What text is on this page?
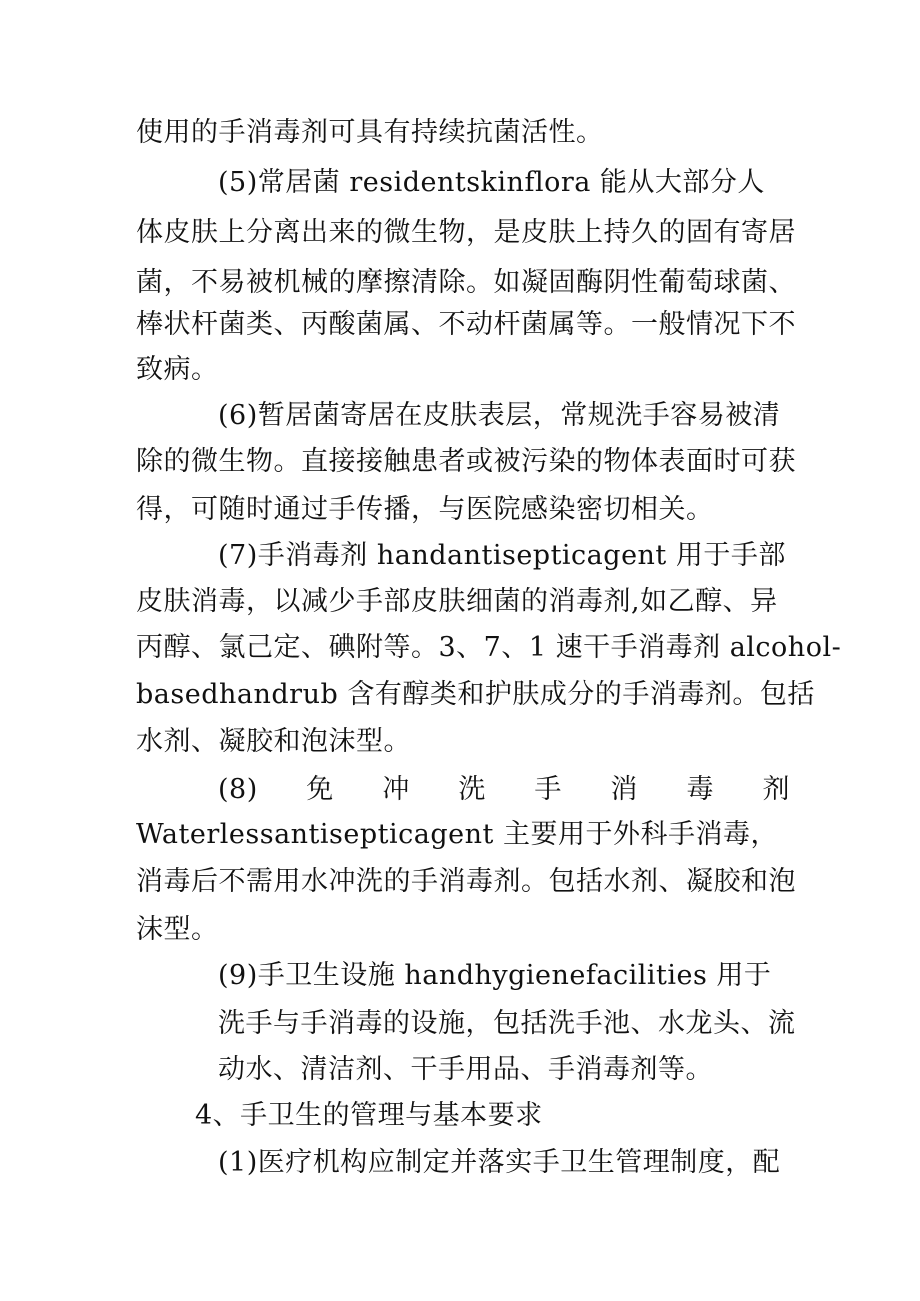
使用的手消毒剂可具有持续抗菌活性。
(5)常居菌 residentskinflora 能从大部分人
体皮肤上分离出来的微生物，是皮肤上持久的固有寄居
菌，不易被机械的摩擦清除。如凝固酶阴性葡萄球菌、
棒状杆菌类、丙酸菌属、不动杆菌属等。一般情况下不
致病。
(6)暂居菌寄居在皮肤表层，常规洗手容易被清
除的微生物。直接接触患者或被污染的物体表面时可获
得，可随时通过手传播，与医院感染密切相关。
(7)手消毒剂 handantisepticagent 用于手部
皮肤消毒，以减少手部皮肤细菌的消毒剂,如乙醇、异
丙醇、氯己定、碘附等。3、7、1 速干手消毒剂 alcohol-
basedhandrub 含有醇类和护肤成分的手消毒剂。包括
水剂、凝胶和泡沫型。
(8) 免 冲 洗 手 消 毒 剂
Waterlessantisepticagent 主要用于外科手消毒，
消毒后不需用水冲洗的手消毒剂。包括水剂、凝胶和泡
沫型。
(9)手卫生设施 handhygienefacilities 用于
洗手与手消毒的设施，包括洗手池、水龙头、流
动水、清洁剂、干手用品、手消毒剂等。
4、手卫生的管理与基本要求
(1)医疗机构应制定并落实手卫生管理制度，配
